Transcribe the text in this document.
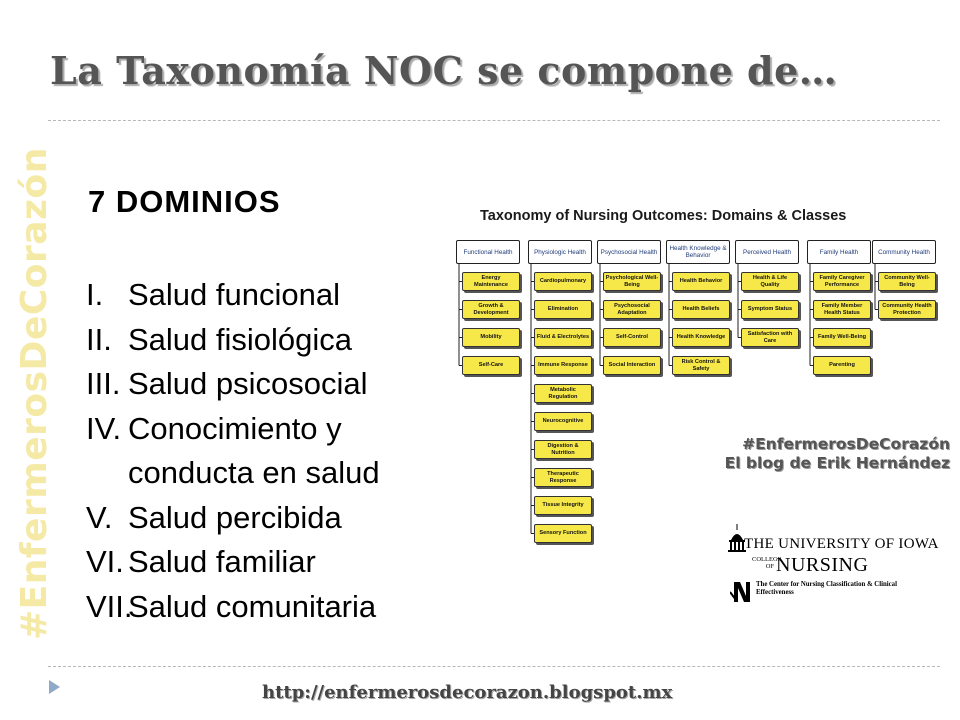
La Taxonomía NOC se compone de…
#EnfermerosDeCorazón 7 DOMINIOS
I. Salud funcional
II. Salud fisiológica
III. Salud psicosocial
IV. Conocimiento y
conducta en salud
V. Salud percibida
VI. Salud familiar
VII.
Salud comunitaria
Taxonomy of Nursing Outcomes: Domains & Classes
Functional Health
Energy Maintenance
Growth & Development
Mobility
Self-Care
Physiologic Health
Cardiopulmonary
Elimination
Fluid & Electrolytes
Immune Response
Metabolic Regulation
Neurocognitive
Digestion & Nutrition
Therapeutic Response
Tissue Integrity
Sensory Function
Psychosocial Health
Psychological Well-Being
Psychosocial Adaptation
Self-Control
Social Interaction
Health Knowledge & Behavior
Health Behavior
Health Beliefs
Health Knowledge
Risk Control & Safety
Perceived Health
Health & Life Quality
Symptom Status
Satisfaction with Care
Family Health
Family Caregiver Performance
Family Member Health Status
Family Well-Being
Parenting
Community Health
Community Well-Being
Community Health Protection
#EnfermerosDeCorazón
El blog de Erik Hernández
THE UNIVERSITY OF IOWA
COLLEGE OF NURSING
The Center for Nursing Classification & Clinical Effectiveness
http://enfermerosdecorazon.blogspot.mx
